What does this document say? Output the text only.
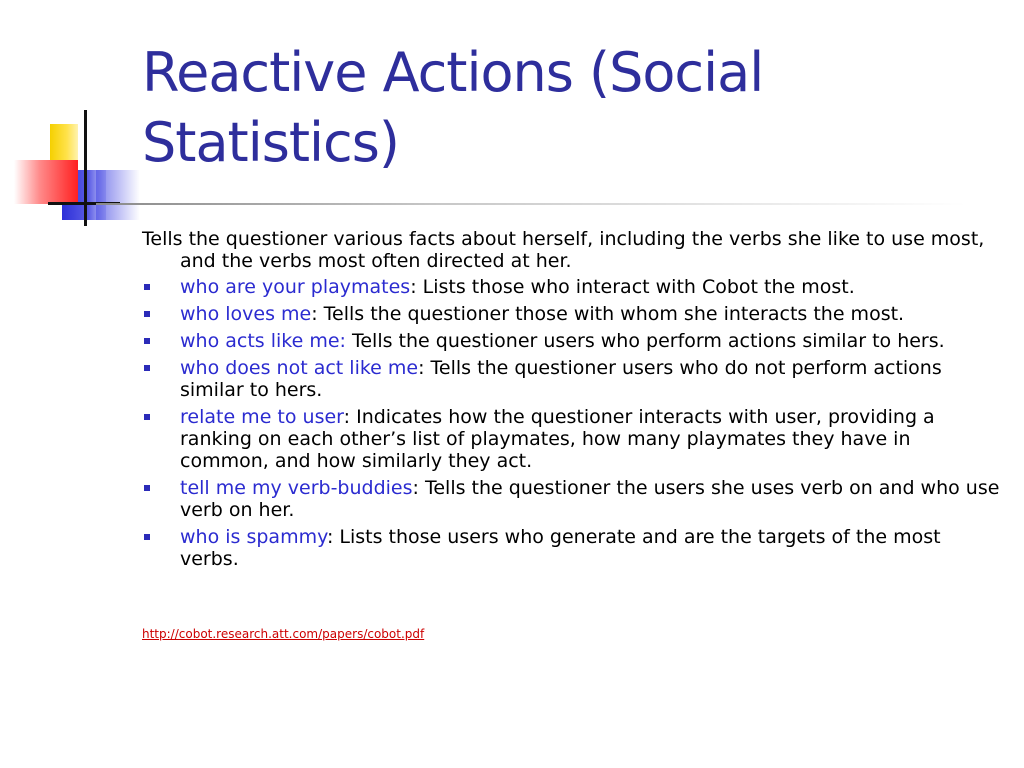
Reactive Actions (Social Statistics)

Tells the questioner various facts about herself, including the verbs she like to use most, and the verbs most often directed at her.

who are your playmates: Lists those who interact with Cobot the most.
who loves me: Tells the questioner those with whom she interacts the most.
who acts like me: Tells the questioner users who perform actions similar to hers.
who does not act like me: Tells the questioner users who do not perform actions similar to hers.
relate me to user: Indicates how the questioner interacts with user, providing a ranking on each other’s list of playmates, how many playmates they have in common, and how similarly they act.
tell me my verb-buddies: Tells the questioner the users she uses verb on and who use verb on her.
who is spammy: Lists those users who generate and are the targets of the most verbs.
http://cobot.research.att.com/papers/cobot.pdf
